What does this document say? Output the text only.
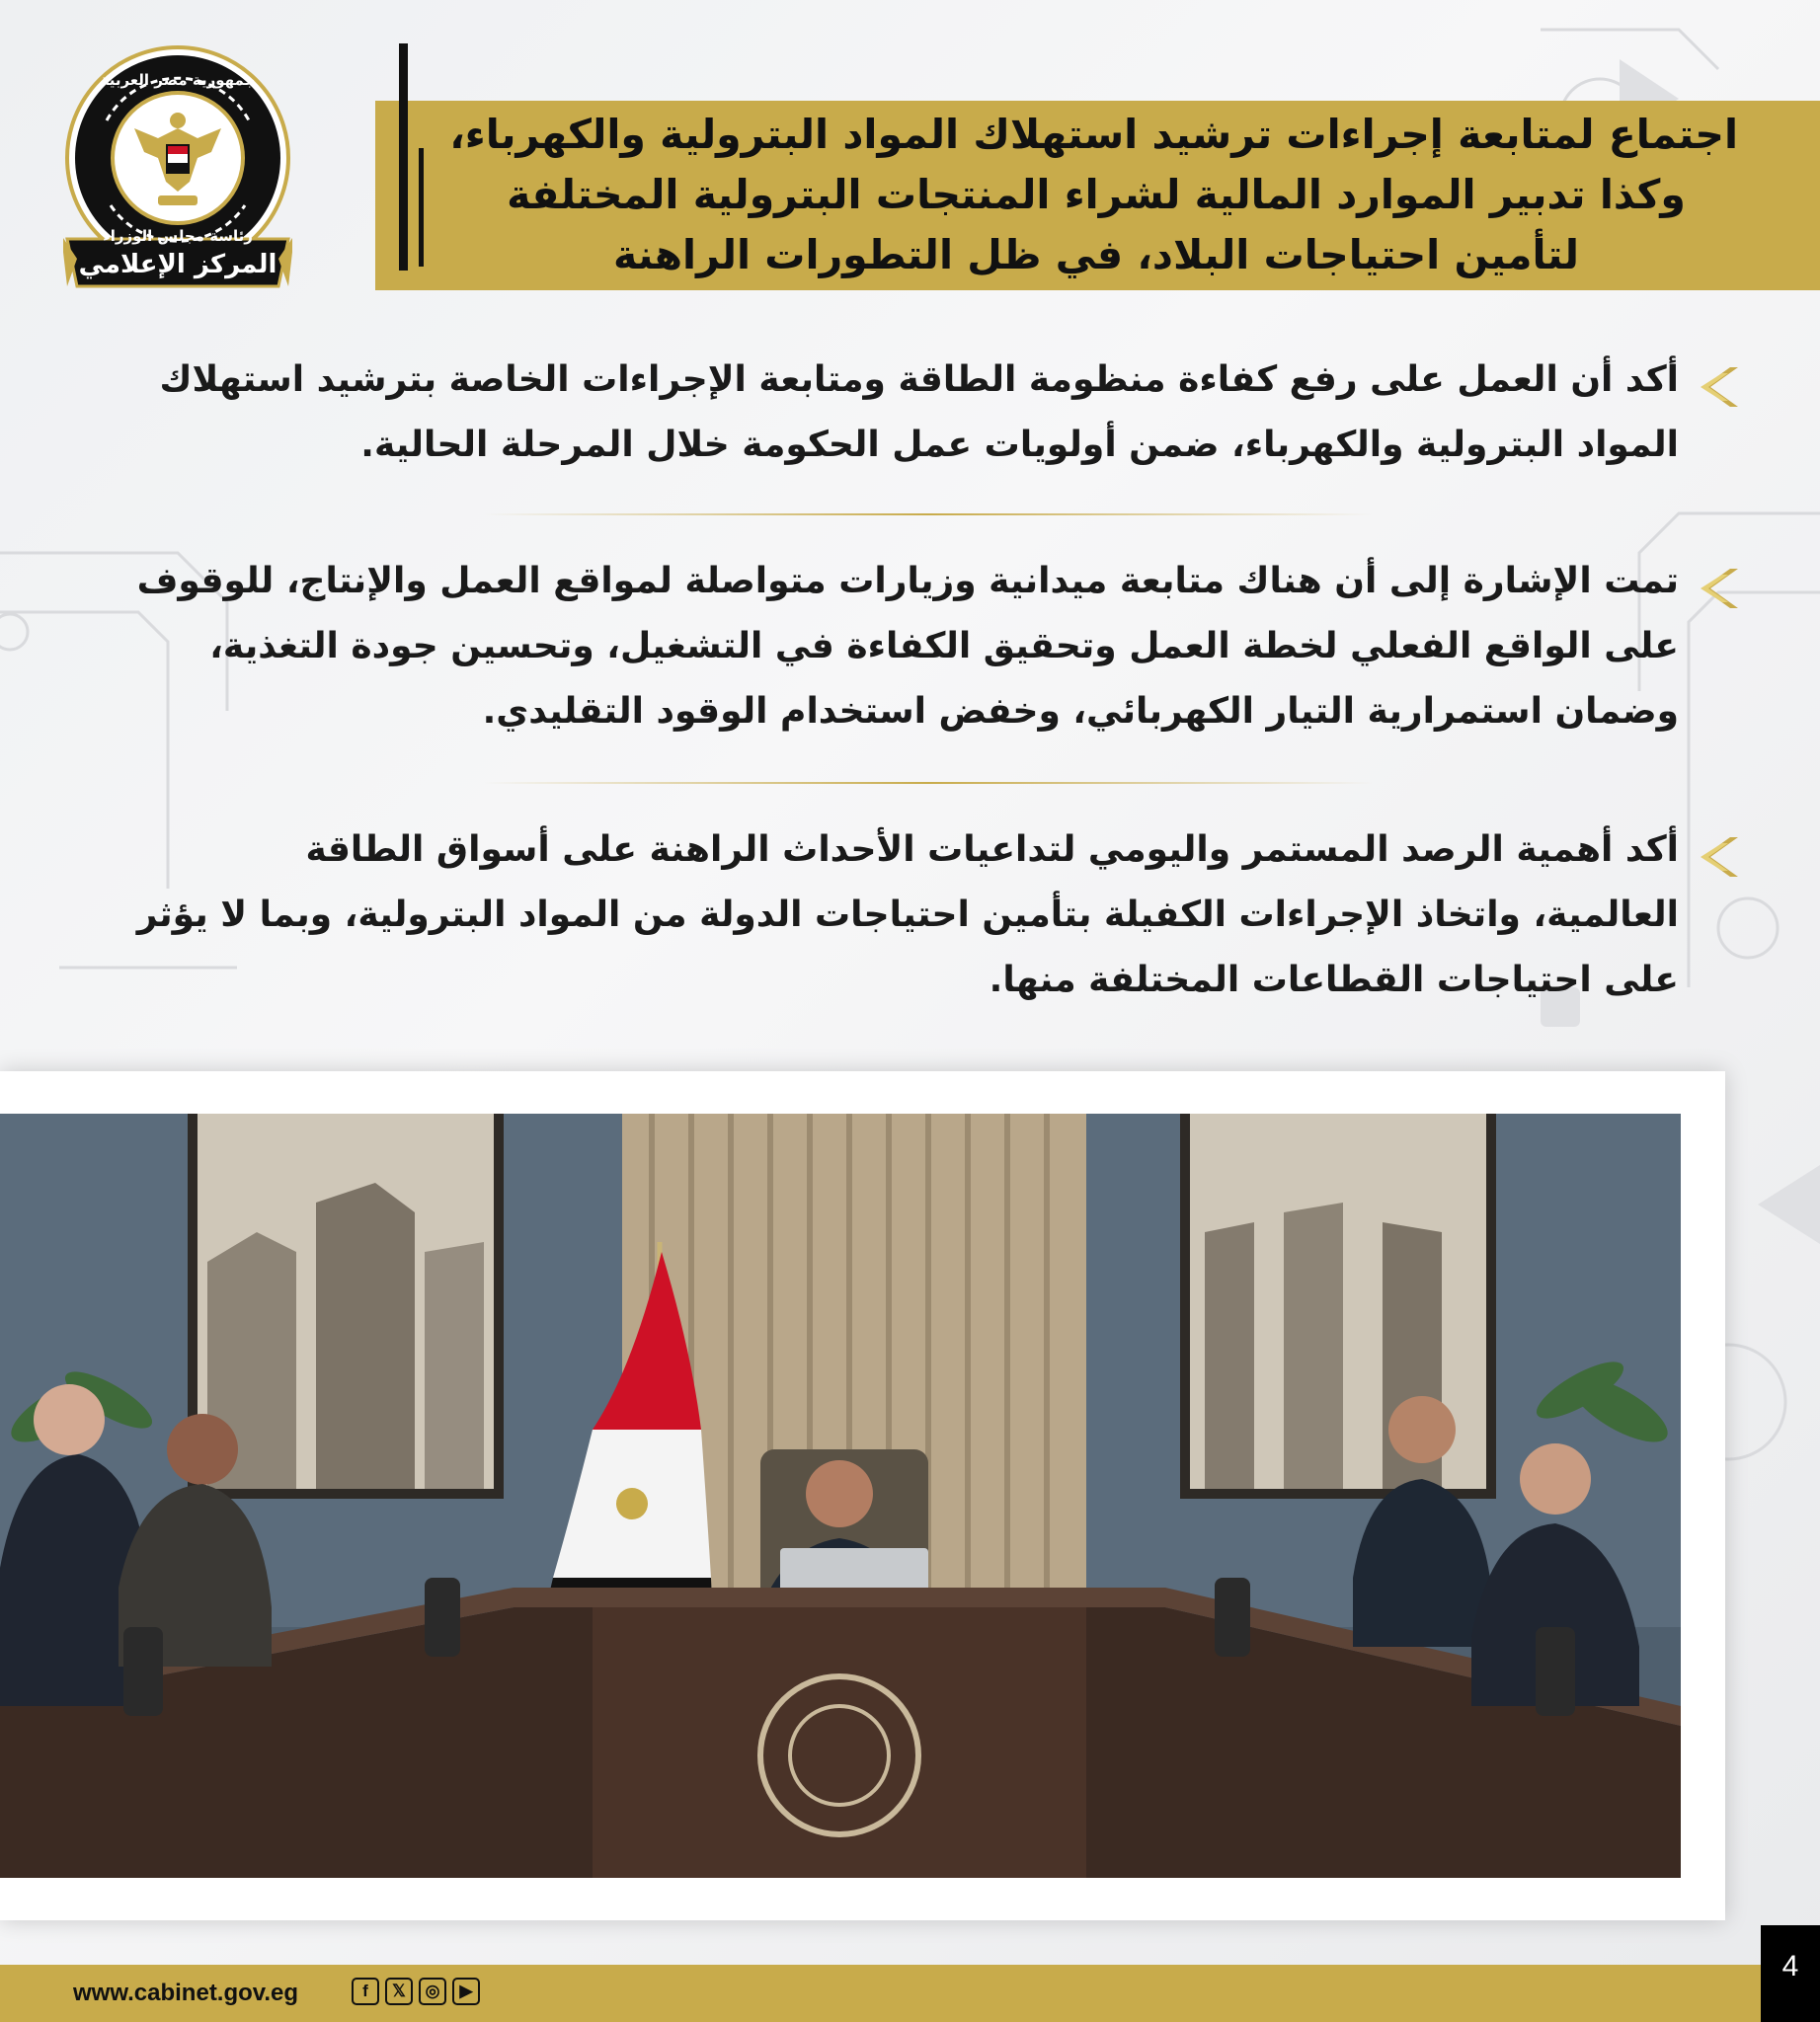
المركز الإعلامي
جمهورية مصر العربية
رئاسة مجلس الوزراء
اجتماع لمتابعة إجراءات ترشيد استهلاك المواد البترولية والكهرباء،
وكذا تدبير الموارد المالية لشراء المنتجات البترولية المختلفة
لتأمين احتياجات البلاد، في ظل التطورات الراهنة
أكد أن العمل على رفع كفاءة منظومة الطاقة ومتابعة الإجراءات الخاصة بترشيد استهلاك
المواد البترولية والكهرباء، ضمن أولويات عمل الحكومة خلال المرحلة الحالية.
تمت الإشارة إلى أن هناك متابعة ميدانية وزيارات متواصلة لمواقع العمل والإنتاج، للوقوف
على الواقع الفعلي لخطة العمل وتحقيق الكفاءة في التشغيل، وتحسين جودة التغذية،
وضمان استمرارية التيار الكهربائي، وخفض استخدام الوقود التقليدي.
أكد أهمية الرصد المستمر واليومي لتداعيات الأحداث الراهنة على أسواق الطاقة
العالمية، واتخاذ الإجراءات الكفيلة بتأمين احتياجات الدولة من المواد البترولية، وبما لا يؤثر
على احتياجات القطاعات المختلفة منها.
www.cabinet.gov.eg	f	𝕏	◎	▶
4
